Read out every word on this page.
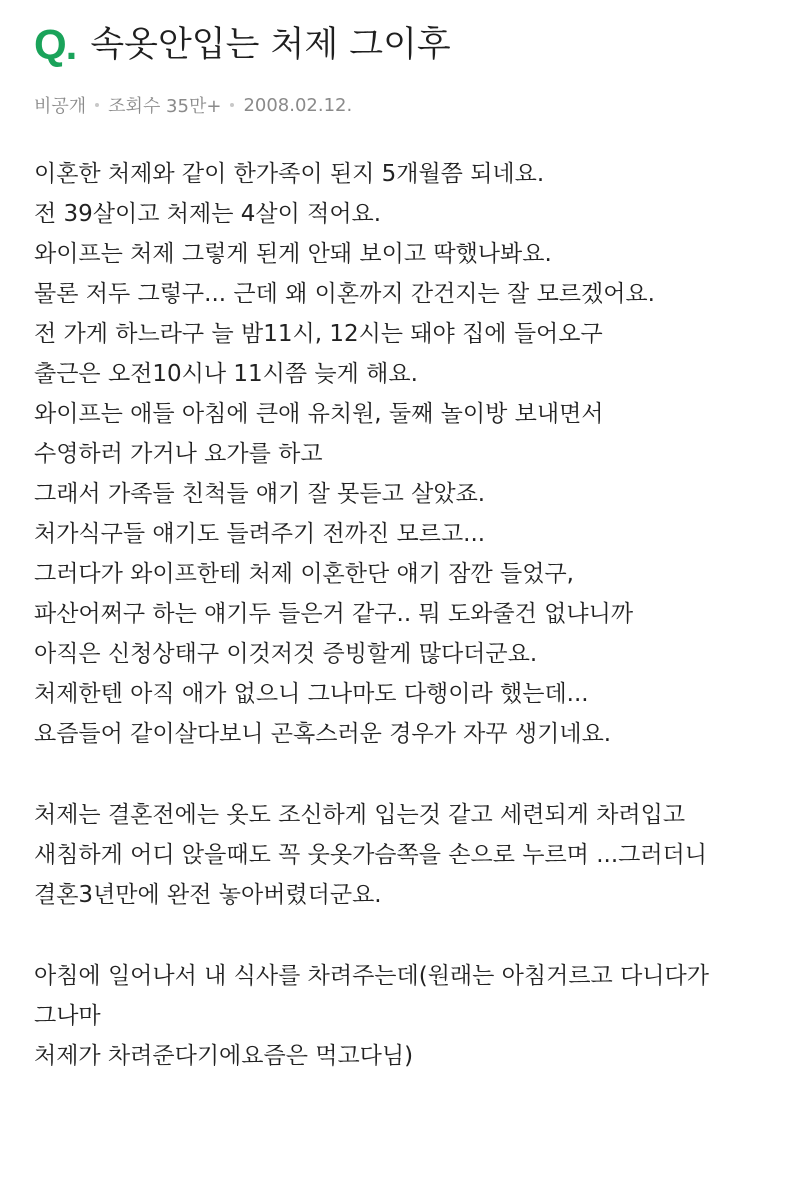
Q . 속옷안입는 처제 그이후
비공개 조회수 35만+ 2008.02.12.
이혼한 처제와 같이 한가족이 된지 5개월쯤 되네요.
전 39살이고 처제는 4살이 적어요.
와이프는 처제 그렇게 된게 안돼 보이고 딱했나봐요.
물론 저두 그렇구... 근데 왜 이혼까지 간건지는 잘 모르겠어요.
전 가게 하느라구 늘 밤11시, 12시는 돼야 집에 들어오구
출근은 오전10시나 11시쯤 늦게 해요.
와이프는 애들 아침에 큰애 유치원, 둘째 놀이방 보내면서
수영하러 가거나 요가를 하고
그래서 가족들 친척들 얘기 잘 못듣고 살았죠.
처가식구들 얘기도 들려주기 전까진 모르고...
그러다가 와이프한테 처제 이혼한단 얘기 잠깐 들었구,
파산어쩌구 하는 얘기두 들은거 같구.. 뭐 도와줄건 없냐니까
아직은 신청상태구 이것저것 증빙할게 많다더군요.
처제한텐 아직 애가 없으니 그나마도 다행이라 했는데...
요즘들어 같이살다보니 곤혹스러운 경우가 자꾸 생기네요.
처제는 결혼전에는 옷도 조신하게 입는것 같고 세련되게 차려입고
새침하게 어디 앉을때도 꼭 웃옷가슴쪽을 손으로 누르며 ...그러더니
결혼3년만에 완전 놓아버렸더군요.
아침에 일어나서 내 식사를 차려주는데(원래는 아침거르고 다니다가
그나마
처제가 차려준다기에요즘은 먹고다님)
